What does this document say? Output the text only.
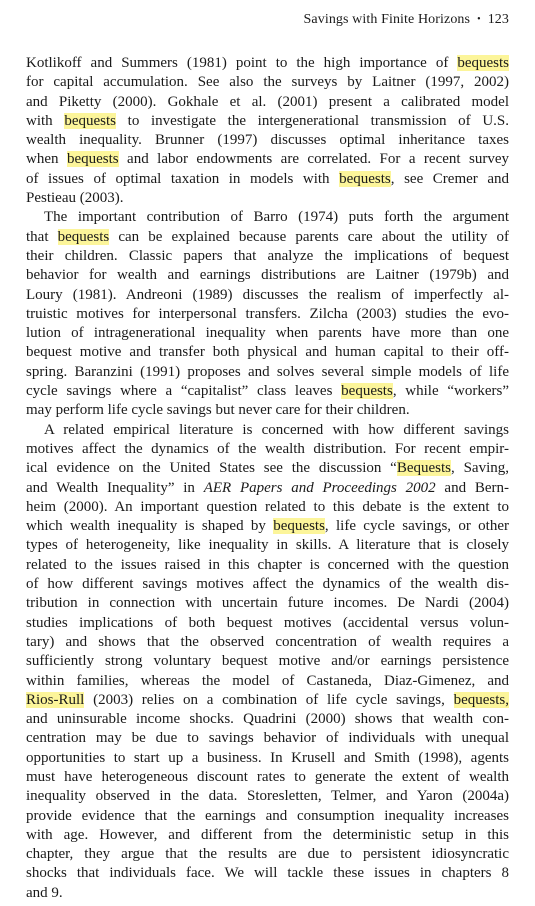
Savings with Finite Horizons • 123
Kotlikoff and Summers (1981) point to the high importance of bequests
for capital accumulation. See also the surveys by Laitner (1997, 2002)
and Piketty (2000). Gokhale et al. (2001) present a calibrated model
with bequests to investigate the intergenerational transmission of U.S.
wealth inequality. Brunner (1997) discusses optimal inheritance taxes
when bequests and labor endowments are correlated. For a recent survey
of issues of optimal taxation in models with bequests, see Cremer and
Pestieau (2003).
The important contribution of Barro (1974) puts forth the argument
that bequests can be explained because parents care about the utility of
their children. Classic papers that analyze the implications of bequest
behavior for wealth and earnings distributions are Laitner (1979b) and
Loury (1981). Andreoni (1989) discusses the realism of imperfectly al-
truistic motives for interpersonal transfers. Zilcha (2003) studies the evo-
lution of intragenerational inequality when parents have more than one
bequest motive and transfer both physical and human capital to their off-
spring. Baranzini (1991) proposes and solves several simple models of life
cycle savings where a “capitalist” class leaves bequests, while “workers”
may perform life cycle savings but never care for their children.
A related empirical literature is concerned with how different savings
motives affect the dynamics of the wealth distribution. For recent empir-
ical evidence on the United States see the discussion “Bequests, Saving,
and Wealth Inequality” in AER Papers and Proceedings 2002 and Bern-
heim (2000). An important question related to this debate is the extent to
which wealth inequality is shaped by bequests, life cycle savings, or other
types of heterogeneity, like inequality in skills. A literature that is closely
related to the issues raised in this chapter is concerned with the question
of how different savings motives affect the dynamics of the wealth dis-
tribution in connection with uncertain future incomes. De Nardi (2004)
studies implications of both bequest motives (accidental versus volun-
tary) and shows that the observed concentration of wealth requires a
sufficiently strong voluntary bequest motive and/or earnings persistence
within families, whereas the model of Castaneda, Diaz-Gimenez, and
Rios-Rull (2003) relies on a combination of life cycle savings, bequests,
and uninsurable income shocks. Quadrini (2000) shows that wealth con-
centration may be due to savings behavior of individuals with unequal
opportunities to start up a business. In Krusell and Smith (1998), agents
must have heterogeneous discount rates to generate the extent of wealth
inequality observed in the data. Storesletten, Telmer, and Yaron (2004a)
provide evidence that the earnings and consumption inequality increases
with age. However, and different from the deterministic setup in this
chapter, they argue that the results are due to persistent idiosyncratic
shocks that individuals face. We will tackle these issues in chapters 8
and 9.
